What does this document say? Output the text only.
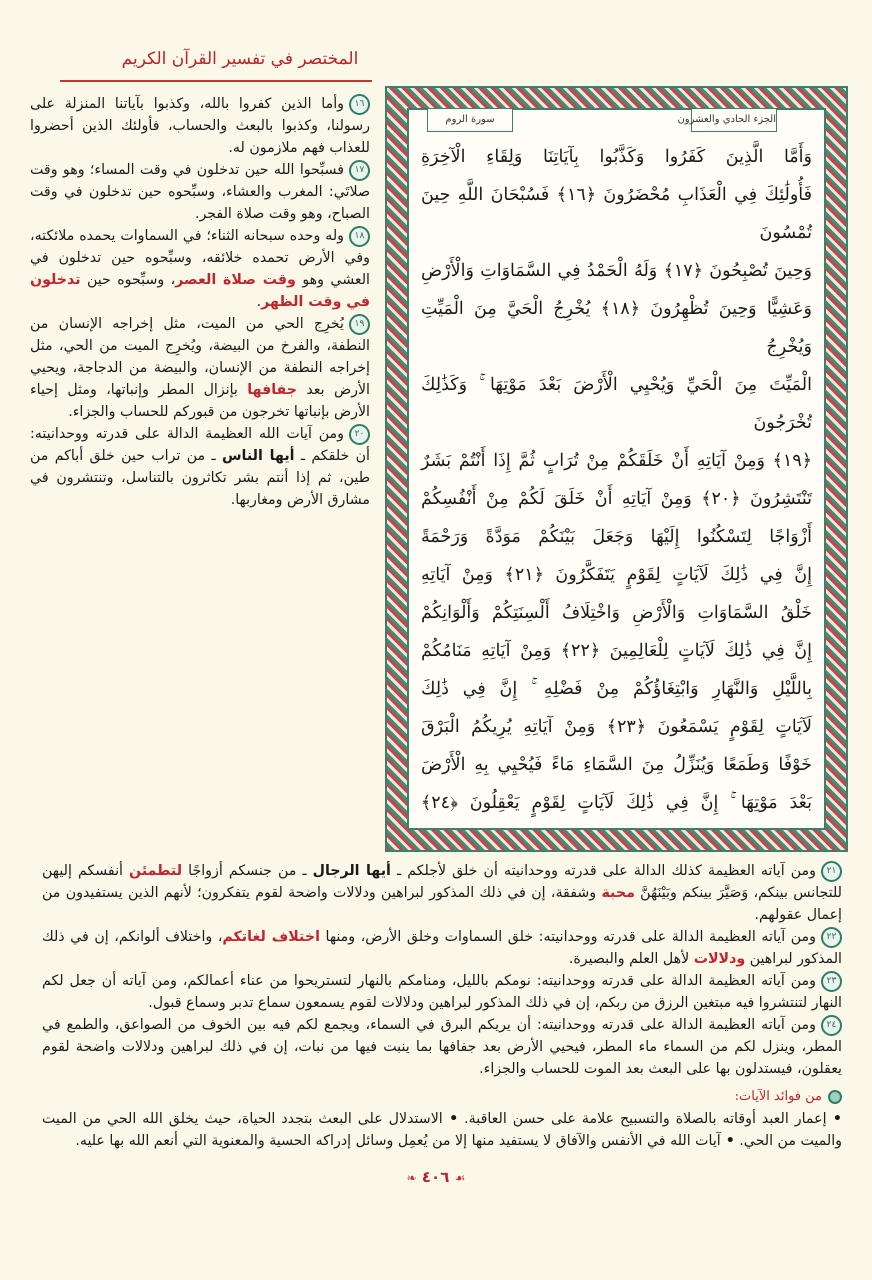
المختصر في تفسير القرآن الكريم
سورة الروم	الجزء الحادي والعشرون
وَأَمَّا الَّذِينَ كَفَرُوا وَكَذَّبُوا بِآيَاتِنَا وَلِقَاءِ الْآخِرَةِ
فَأُولَٰئِكَ فِي الْعَذَابِ مُحْضَرُونَ ﴿١٦﴾ فَسُبْحَانَ اللَّهِ حِينَ تُمْسُونَ
وَحِينَ تُصْبِحُونَ ﴿١٧﴾ وَلَهُ الْحَمْدُ فِي السَّمَاوَاتِ وَالْأَرْضِ
وَعَشِيًّا وَحِينَ تُظْهِرُونَ ﴿١٨﴾ يُخْرِجُ الْحَيَّ مِنَ الْمَيِّتِ وَيُخْرِجُ
الْمَيِّتَ مِنَ الْحَيِّ وَيُحْيِي الْأَرْضَ بَعْدَ مَوْتِهَا ۚ وَكَذَٰلِكَ تُخْرَجُونَ
﴿١٩﴾ وَمِنْ آيَاتِهِ أَنْ خَلَقَكُمْ مِنْ تُرَابٍ ثُمَّ إِذَا أَنْتُمْ بَشَرٌ
تَنْتَشِرُونَ ﴿٢٠﴾ وَمِنْ آيَاتِهِ أَنْ خَلَقَ لَكُمْ مِنْ أَنْفُسِكُمْ
أَزْوَاجًا لِتَسْكُنُوا إِلَيْهَا وَجَعَلَ بَيْنَكُمْ مَوَدَّةً وَرَحْمَةً
إِنَّ فِي ذَٰلِكَ لَآيَاتٍ لِقَوْمٍ يَتَفَكَّرُونَ ﴿٢١﴾ وَمِنْ آيَاتِهِ
خَلْقُ السَّمَاوَاتِ وَالْأَرْضِ وَاخْتِلَافُ أَلْسِنَتِكُمْ وَأَلْوَانِكُمْ
إِنَّ فِي ذَٰلِكَ لَآيَاتٍ لِلْعَالِمِينَ ﴿٢٢﴾ وَمِنْ آيَاتِهِ مَنَامُكُمْ
بِاللَّيْلِ وَالنَّهَارِ وَابْتِغَاؤُكُمْ مِنْ فَضْلِهِ ۚ إِنَّ فِي ذَٰلِكَ
لَآيَاتٍ لِقَوْمٍ يَسْمَعُونَ ﴿٢٣﴾ وَمِنْ آيَاتِهِ يُرِيكُمُ الْبَرْقَ
خَوْفًا وَطَمَعًا وَيُنَزِّلُ مِنَ السَّمَاءِ مَاءً فَيُحْيِي بِهِ الْأَرْضَ
بَعْدَ مَوْتِهَا ۚ إِنَّ فِي ذَٰلِكَ لَآيَاتٍ لِقَوْمٍ يَعْقِلُونَ ﴿٢٤﴾
١٦وأما الذين كفروا بالله، وكذبوا بآياتنا المنزلة على رسولنا، وكذبوا بالبعث والحساب، فأولئك الذين أحضروا للعذاب فهم ملازمون له.
١٧فسبِّحوا الله حين تدخلون في وقت المساء؛ وهو وقت صلاتَي: المغرب والعشاء، وسبِّحوه حين تدخلون في وقت الصباح، وهو وقت صلاة الفجر.
١٨وله وحده سبحانه الثناء؛ في السماوات يحمده ملائكته، وفي الأرض تحمده خلائقه، وسبِّحوه حين تدخلون في العشي وهو وقت صلاة العصر، وسبِّحوه حين تدخلون في وقت الظهر.
١٩يُخرِج الحي من الميت، مثل إخراجه الإنسان من النطفة، والفرخ من البيضة، ويُخرِج الميت من الحي، مثل إخراجه النطفة من الإنسان، والبيضة من الدجاجة، ويحيي الأرض بعد جفافها بإنزال المطر وإنباتها، ومثل إحياء الأرض بإنباتها تخرجون من قبوركم للحساب والجزاء.
٢٠ومن آيات الله العظيمة الدالة على قدرته ووحدانيته: أن خلقكم ـ أيها الناس ـ من تراب حين خلق أباكم من طين، ثم إذا أنتم بشر تكاثرون بالتناسل، وتنتشرون في مشارق الأرض ومغاربها.
٢١ومن آياته العظيمة كذلك الدالة على قدرته ووحدانيته أن خلق لأجلكم ـ أيها الرجال ـ من جنسكم أزواجًا لتطمئن أنفسكم إليهن للتجانس بينكم، وَصَيَّرَ بينكم وبَيْنَهُنَّ محبة وشفقة، إن في ذلك المذكور لبراهين ودلالات واضحة لقوم يتفكرون؛ لأنهم الذين يستفيدون من إعمال عقولهم.
٢٢ومن آياته العظيمة الدالة على قدرته ووحدانيته: خلق السماوات وخلق الأرض، ومنها اختلاف لغاتكم، واختلاف ألوانكم، إن في ذلك المذكور لبراهين ودلالات لأهل العلم والبصيرة.
٢٣ومن آياته العظيمة الدالة على قدرته ووحدانيته: نومكم بالليل، ومنامكم بالنهار لتستريحوا من عناء أعمالكم، ومن آياته أن جعل لكم النهار لتنتشروا فيه مبتغين الرزق من ربكم، إن في ذلك المذكور لبراهين ودلالات لقوم يسمعون سماع تدبر وسماع قبول.
٢٤ومن آياته العظيمة الدالة على قدرته ووحدانيته: أن يريكم البرق في السماء، ويجمع لكم فيه بين الخوف من الصواعق، والطمع في المطر، وينزل لكم من السماء ماء المطر، فيحيي الأرض بعد جفافها بما ينبت فيها من نبات، إن في ذلك لبراهين ودلالات واضحة لقوم يعقلون، فيستدلون بها على البعث بعد الموت للحساب والجزاء.
من فوائد الآيات:
• إعمار العبد أوقاته بالصلاة والتسبيح علامة على حسن العاقبة. • الاستدلال على البعث بتجدد الحياة، حيث يخلق الله الحي من الميت والميت من الحي. • آيات الله في الأنفس والآفاق لا يستفيد منها إلا من يُعمِل وسائل إدراكه الحسية والمعنوية التي أنعم الله بها عليه.
❧ ٤٠٦ ☙
